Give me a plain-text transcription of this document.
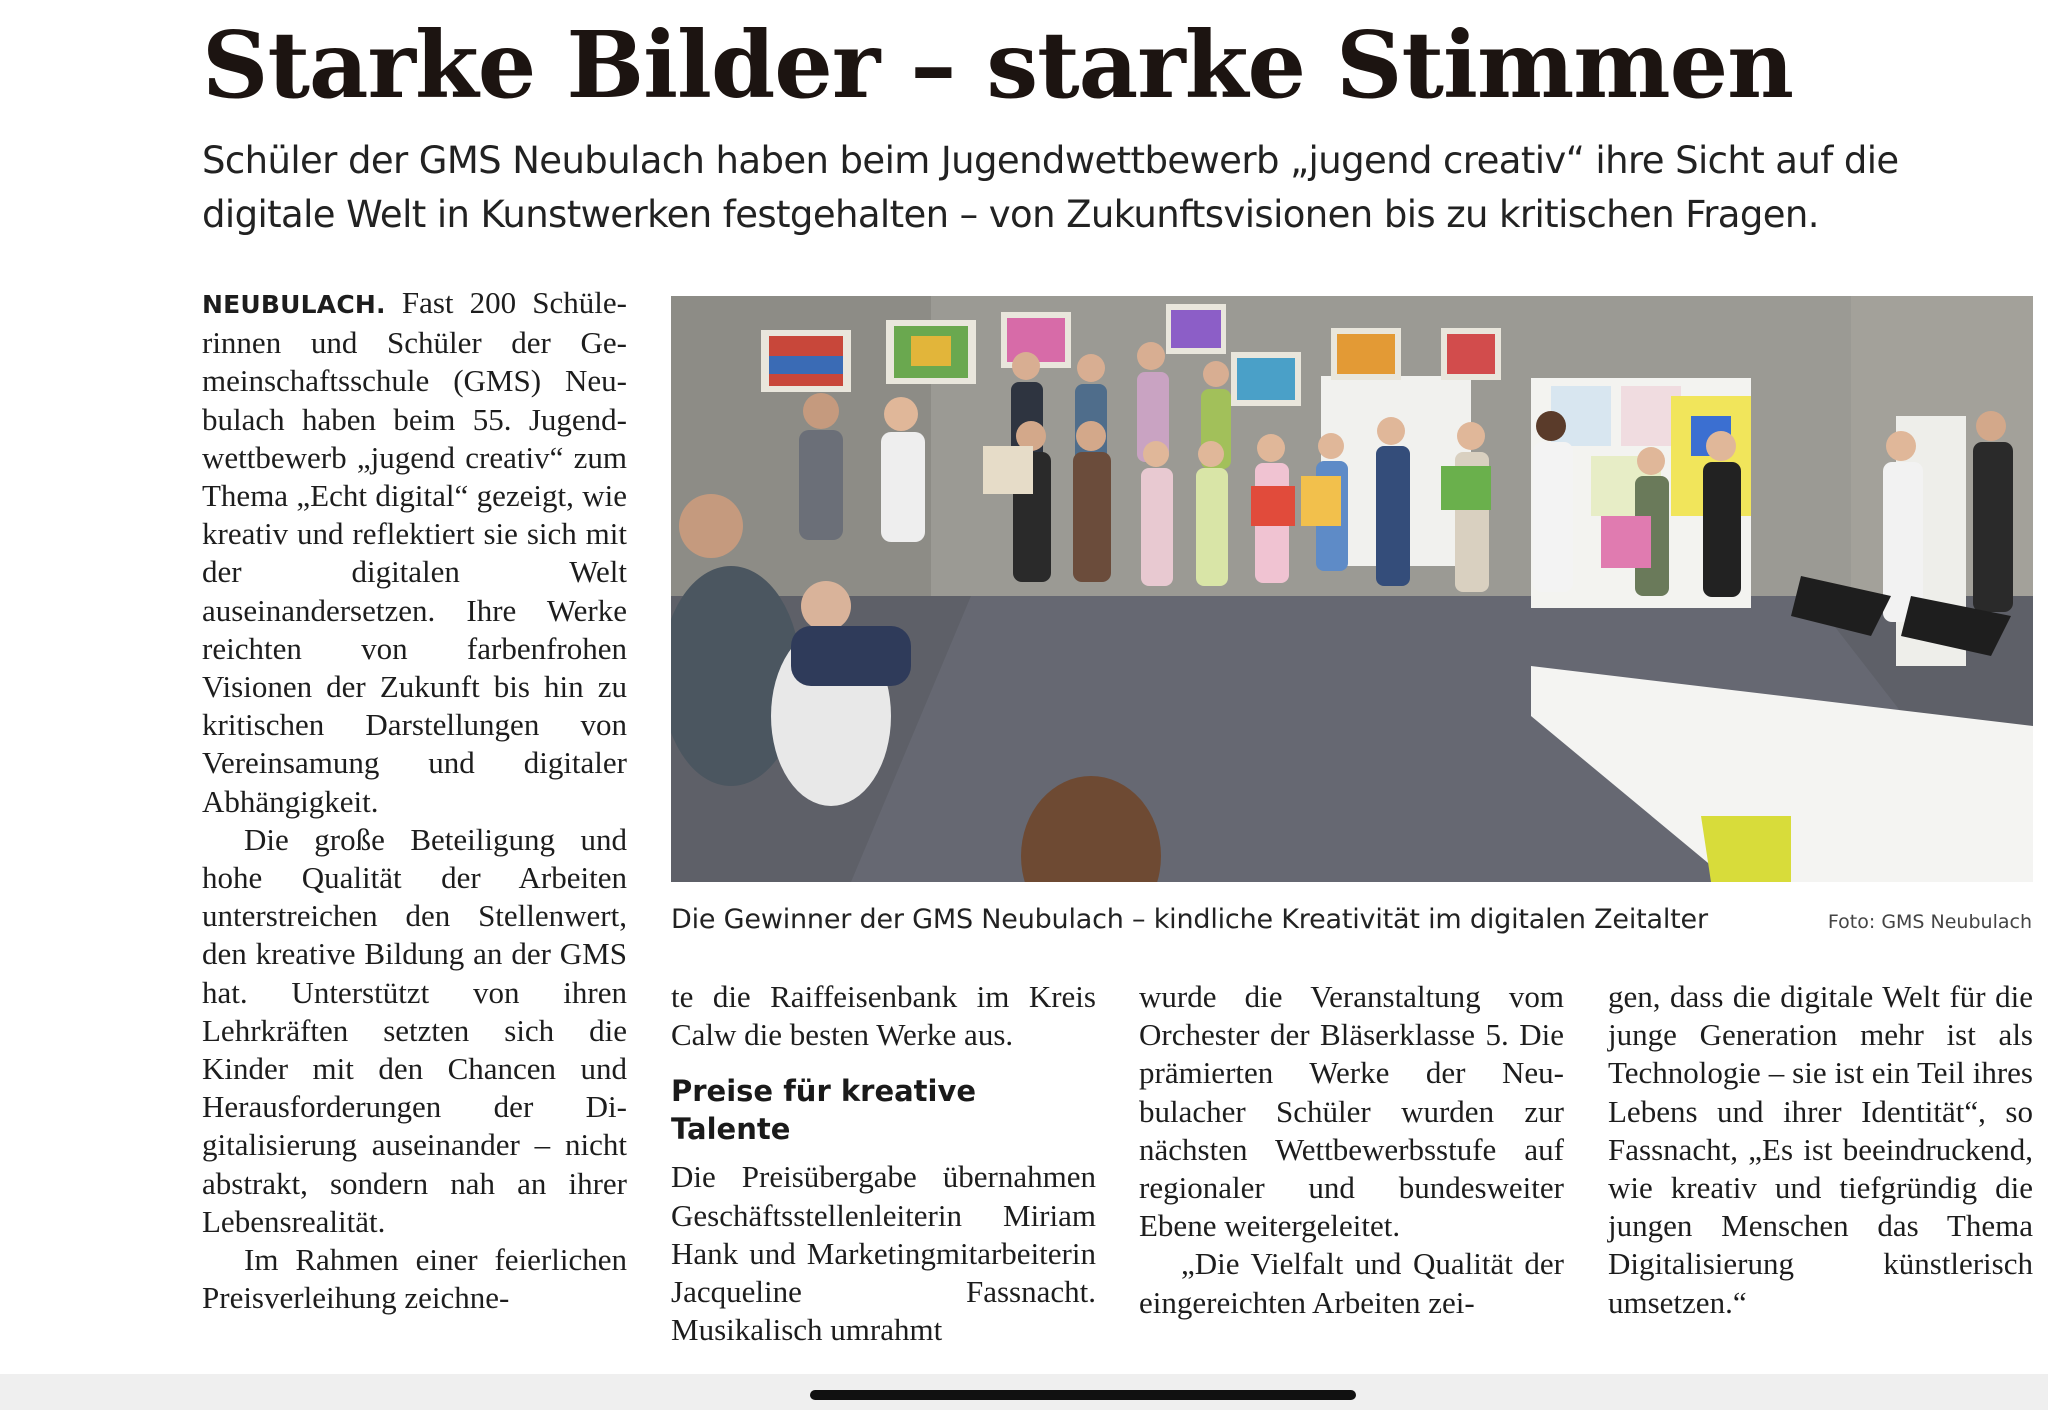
Starke Bilder – starke Stimmen
Schüler der GMS Neubulach haben beim Jugendwettbewerb „jugend creativ“ ihre Sicht auf die digitale Welt in Kunstwerken festgehalten – von Zukunftsvisionen bis zu kritischen Fragen.

NEUBULACH. Fast 200 Schülerinnen und Schüler der Gemeinschaftsschule (GMS) Neubulach haben beim 55. Jugendwettbewerb „jugend creativ“ zum Thema „Echt digital“ gezeigt, wie kreativ und reflektiert sie sich mit der digitalen Welt auseinandersetzen. Ihre Werke reichten von farbenfrohen Visionen der Zukunft bis hin zu kritischen Darstellungen von Vereinsamung und digitaler Abhängigkeit.

Die große Beteiligung und hohe Qualität der Arbeiten unterstreichen den Stellenwert, den kreative Bildung an der GMS hat. Unterstützt von ihren Lehrkräften setzten sich die Kinder mit den Chancen und Herausforderungen der Digitalisierung auseinander – nicht abstrakt, sondern nah an ihrer Lebensrealität.

Im Rahmen einer feierlichen Preisverleihung zeichne-

Die Gewinner der GMS Neubulach – kindliche Kreativität im digitalen Zeitalter	Foto: GMS Neubulach

te die Raiffeisenbank im Kreis Calw die besten Werke aus.

Preise für kreative Talente

Die Preisübergabe übernahmen Geschäftsstellenleiterin Miriam Hank und Marketingmitarbeiterin Jacqueline Fassnacht. Musikalisch umrahmt

wurde die Veranstaltung vom Orchester der Bläserklasse 5. Die prämierten Werke der Neubulacher Schüler wurden zur nächsten Wettbewerbsstufe auf regionaler und bundesweiter Ebene weitergeleitet.

„Die Vielfalt und Qualität der eingereichten Arbeiten zei-

gen, dass die digitale Welt für die junge Generation mehr ist als Technologie – sie ist ein Teil ihres Lebens und ihrer Identität“, so Fassnacht, „Es ist beeindruckend, wie kreativ und tiefgründig die jungen Menschen das Thema Digitalisierung künstlerisch umsetzen.“
